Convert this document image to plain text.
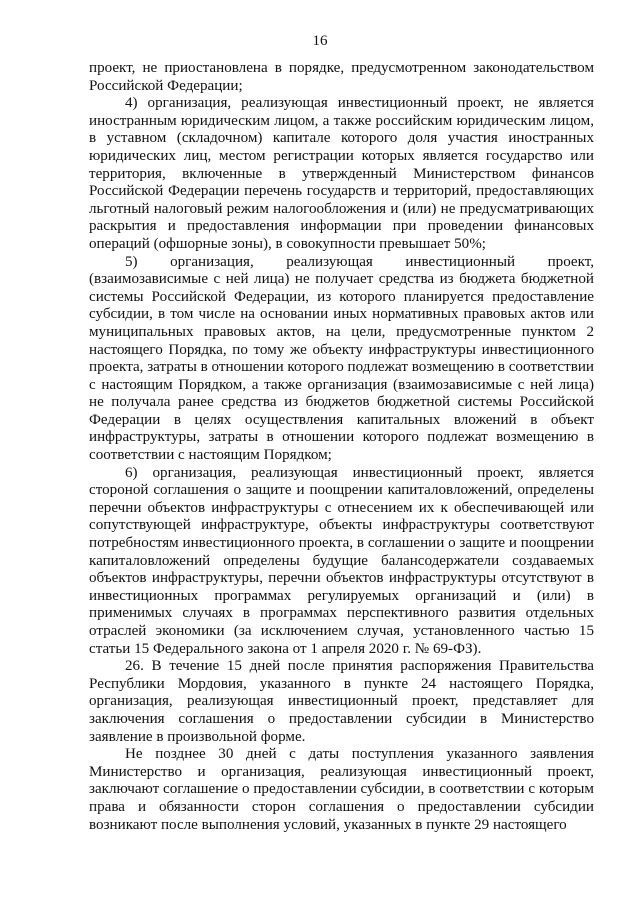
16

проект, не приостановлена в порядке, предусмотренном законодательством Российской Федерации;

4) организация, реализующая инвестиционный проект, не является иностранным юридическим лицом, а также российским юридическим лицом, в уставном (складочном) капитале которого доля участия иностранных юридических лиц, местом регистрации которых является государство или территория, включенные в утвержденный Министерством финансов Российской Федерации перечень государств и территорий, предоставляющих льготный налоговый режим налогообложения и (или) не предусматривающих раскрытия и предоставления информации при проведении финансовых операций (офшорные зоны), в совокупности превышает 50%;

5) организация, реализующая инвестиционный проект, (взаимозависимые с ней лица) не получает средства из бюджета бюджетной системы Российской Федерации, из которого планируется предоставление субсидии, в том числе на основании иных нормативных правовых актов или муниципальных правовых актов, на цели, предусмотренные пунктом 2 настоящего Порядка, по тому же объекту инфраструктуры инвестиционного проекта, затраты в отношении которого подлежат возмещению в соответствии с настоящим Порядком, а также организация (взаимозависимые с ней лица) не получала ранее средства из бюджетов бюджетной системы Российской Федерации в целях осуществления капитальных вложений в объект инфраструктуры, затраты в отношении которого подлежат возмещению в соответствии с настоящим Порядком;

6) организация, реализующая инвестиционный проект, является стороной соглашения о защите и поощрении капиталовложений, определены перечни объектов инфраструктуры с отнесением их к обеспечивающей или сопутствующей инфраструктуре, объекты инфраструктуры соответствуют потребностям инвестиционного проекта, в соглашении о защите и поощрении капиталовложений определены будущие балансодержатели создаваемых объектов инфраструктуры, перечни объектов инфраструктуры отсутствуют в инвестиционных программах регулируемых организаций и (или) в применимых случаях в программах перспективного развития отдельных отраслей экономики (за исключением случая, установленного частью 15 статьи 15 Федерального закона от 1 апреля 2020 г. № 69-ФЗ).

26. В течение 15 дней после принятия распоряжения Правительства Республики Мордовия, указанного в пункте 24 настоящего Порядка, организация, реализующая инвестиционный проект, представляет для заключения соглашения о предоставлении субсидии в Министерство заявление в произвольной форме.

Не позднее 30 дней с даты поступления указанного заявления Министерство и организация, реализующая инвестиционный проект, заключают соглашение о предоставлении субсидии, в соответствии с которым права и обязанности сторон соглашения о предоставлении субсидии возникают после выполнения условий, указанных в пункте 29 настоящего
